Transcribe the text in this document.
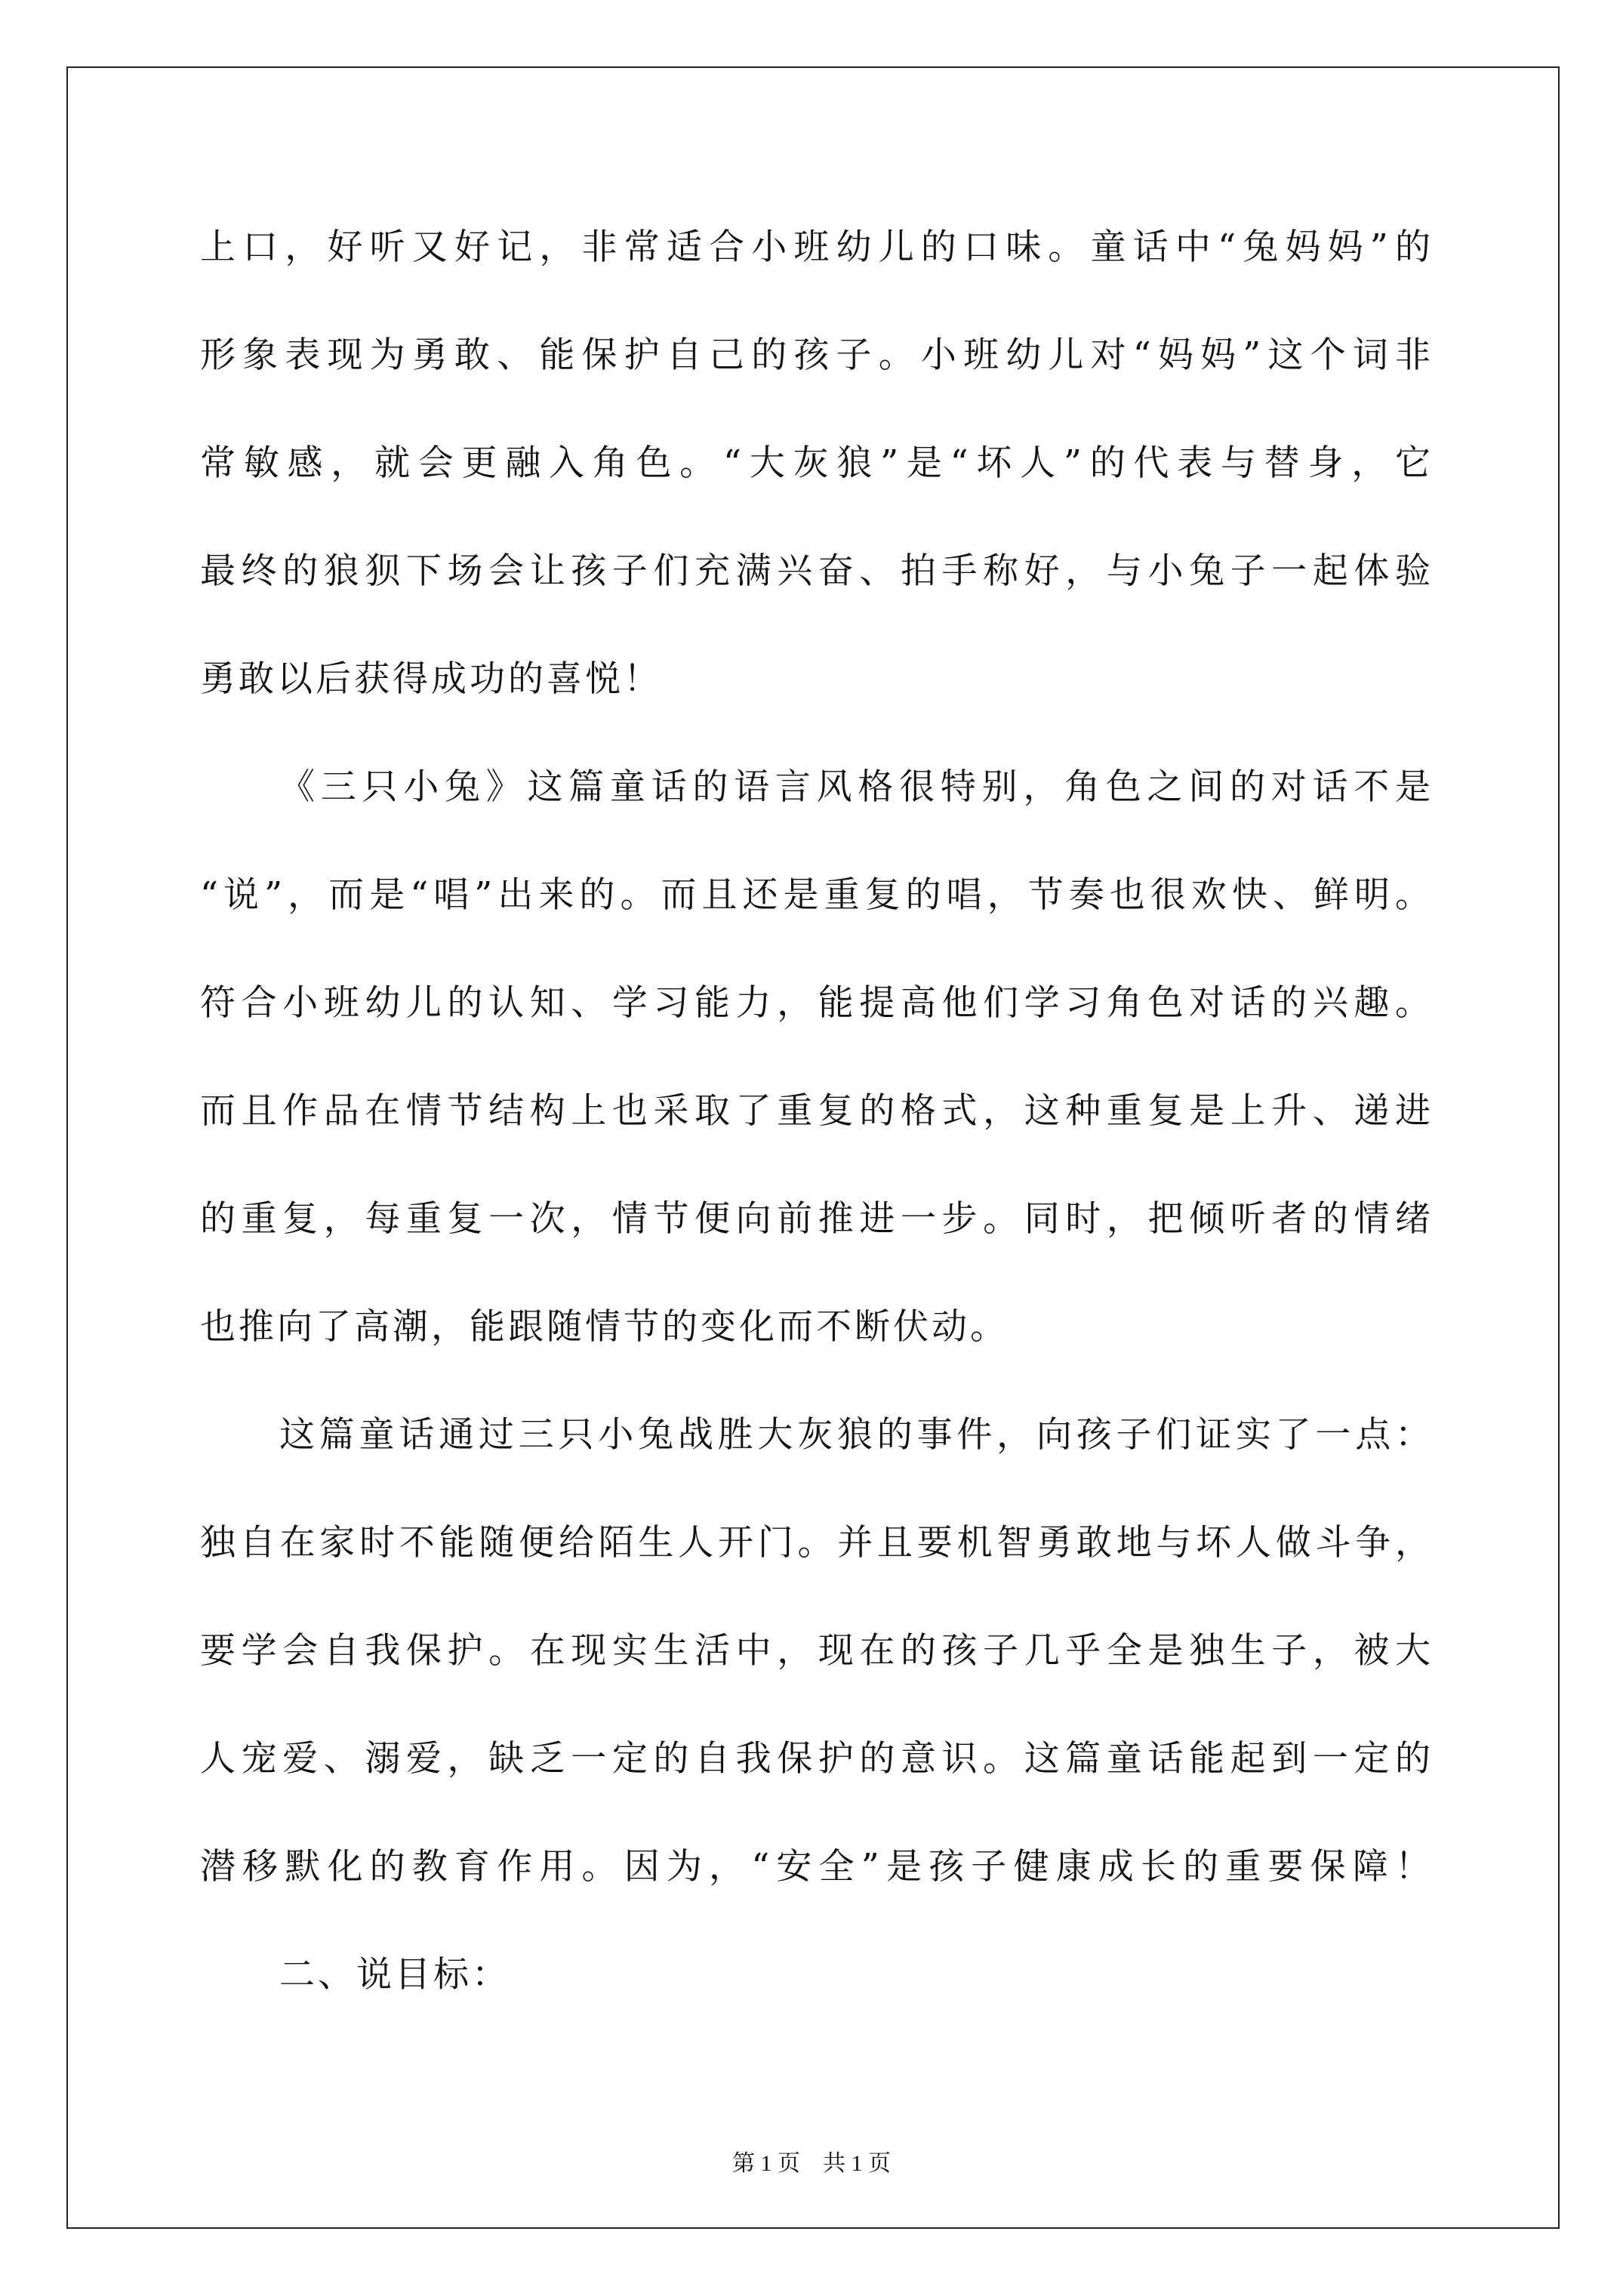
上口，好听又好记，非常适合小班幼儿的口味。童话中“兔妈妈”的
形象表现为勇敢、能保护自己的孩子。小班幼儿对“妈妈”这个词非
常敏感，就会更融入角色。“大灰狼”是“坏人”的代表与替身，它
最终的狼狈下场会让孩子们充满兴奋、拍手称好，与小兔子一起体验
勇敢以后获得成功的喜悦！
《三只小兔》这篇童话的语言风格很特别，角色之间的对话不是
“说”，而是“唱”出来的。而且还是重复的唱，节奏也很欢快、鲜明。
符合小班幼儿的认知、学习能力，能提高他们学习角色对话的兴趣。
而且作品在情节结构上也采取了重复的格式，这种重复是上升、递进
的重复，每重复一次，情节便向前推进一步。同时，把倾听者的情绪
也推向了高潮，能跟随情节的变化而不断伏动。
这篇童话通过三只小兔战胜大灰狼的事件，向孩子们证实了一点：
独自在家时不能随便给陌生人开门。并且要机智勇敢地与坏人做斗争，
要学会自我保护。在现实生活中，现在的孩子几乎全是独生子，被大
人宠爱、溺爱，缺乏一定的自我保护的意识。这篇童话能起到一定的
潜移默化的教育作用。因为，“安全”是孩子健康成长的重要保障！
二、说目标：
第 1 页 共 1 页
